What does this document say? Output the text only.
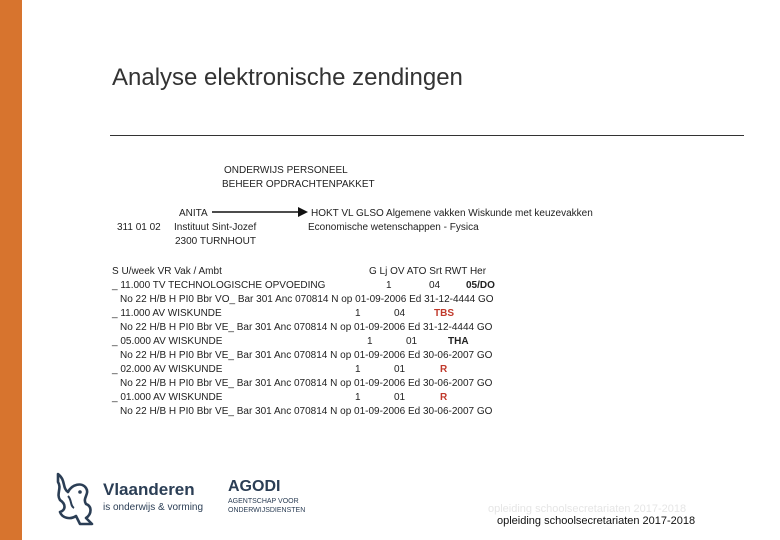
Analyse elektronische zendingen
ONDERWIJS PERSONEEL
BEHEER OPDRACHTENPAKKET
ANITA
311 01 02 Instituut Sint-Jozef
2300 TURNHOUT
HOKT VL GLSO Algemene vakken Wiskunde met keuzevakken
Economische wetenschappen - Fysica
S U/week VR Vak / Ambt	G Lj OV ATO Srt RWT Her
_ 11.000 TV TECHNOLOGISCHE OPVOEDING	1	04	05/DO
No 22 H/B H PI0 Bbr VO_ Bar 301 Anc 070814 N op 01-09-2006 Ed 31-12-4444 GO
_ 11.000 AV WISKUNDE	1	04	TBS
No 22 H/B H PI0 Bbr VE_ Bar 301 Anc 070814 N op 01-09-2006 Ed 31-12-4444 GO
_ 05.000 AV WISKUNDE	1	01	THA
No 22 H/B H PI0 Bbr VE_ Bar 301 Anc 070814 N op 01-09-2006 Ed 30-06-2007 GO
_ 02.000 AV WISKUNDE	1	01	R
No 22 H/B H PI0 Bbr VE_ Bar 301 Anc 070814 N op 01-09-2006 Ed 30-06-2007 GO
_ 01.000 AV WISKUNDE	1	01	R
No 22 H/B H PI0 Bbr VE_ Bar 301 Anc 070814 N op 01-09-2006 Ed 30-06-2007 GO
Vlaanderen
is onderwijs & vorming
AGODI
AGENTSCHAP VOOR
ONDERWIJSDIENSTEN	opleiding schoolsecretariaten 2017-2018
opleiding schoolsecretariaten 2017-2018
